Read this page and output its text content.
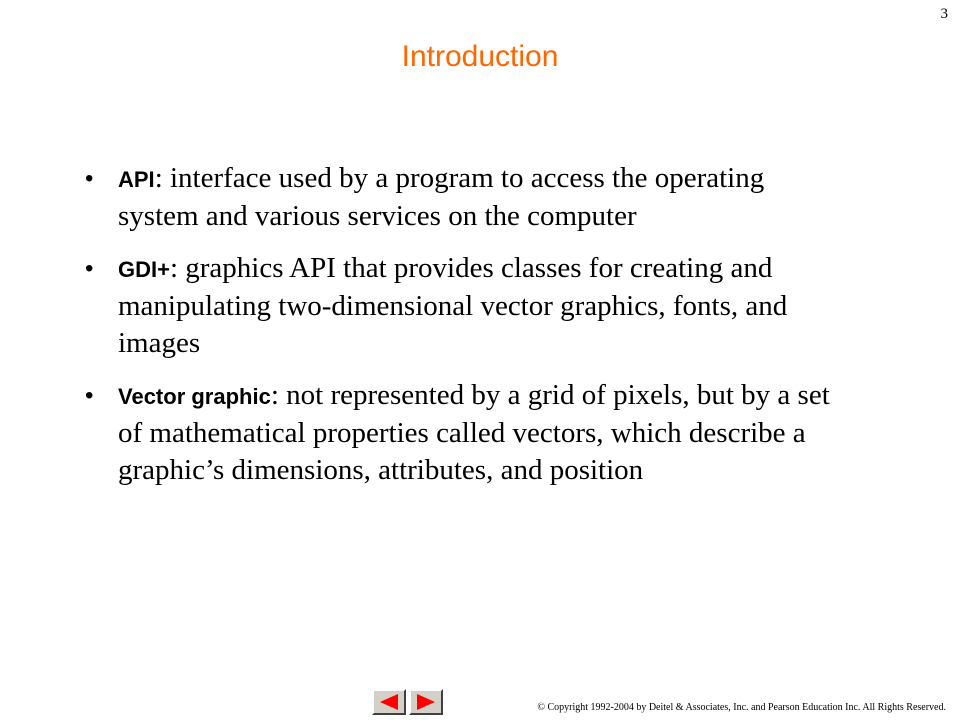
3
Introduction
• API: interface used by a program to access the operating system and various services on the computer
• GDI+: graphics API that provides classes for creating and manipulating two-dimensional vector graphics, fonts, and images
• Vector graphic: not represented by a grid of pixels, but by a set of mathematical properties called vectors, which describe a graphic’s dimensions, attributes, and position
© Copyright 1992-2004 by Deitel & Associates, Inc. and Pearson Education Inc. All Rights Reserved.
